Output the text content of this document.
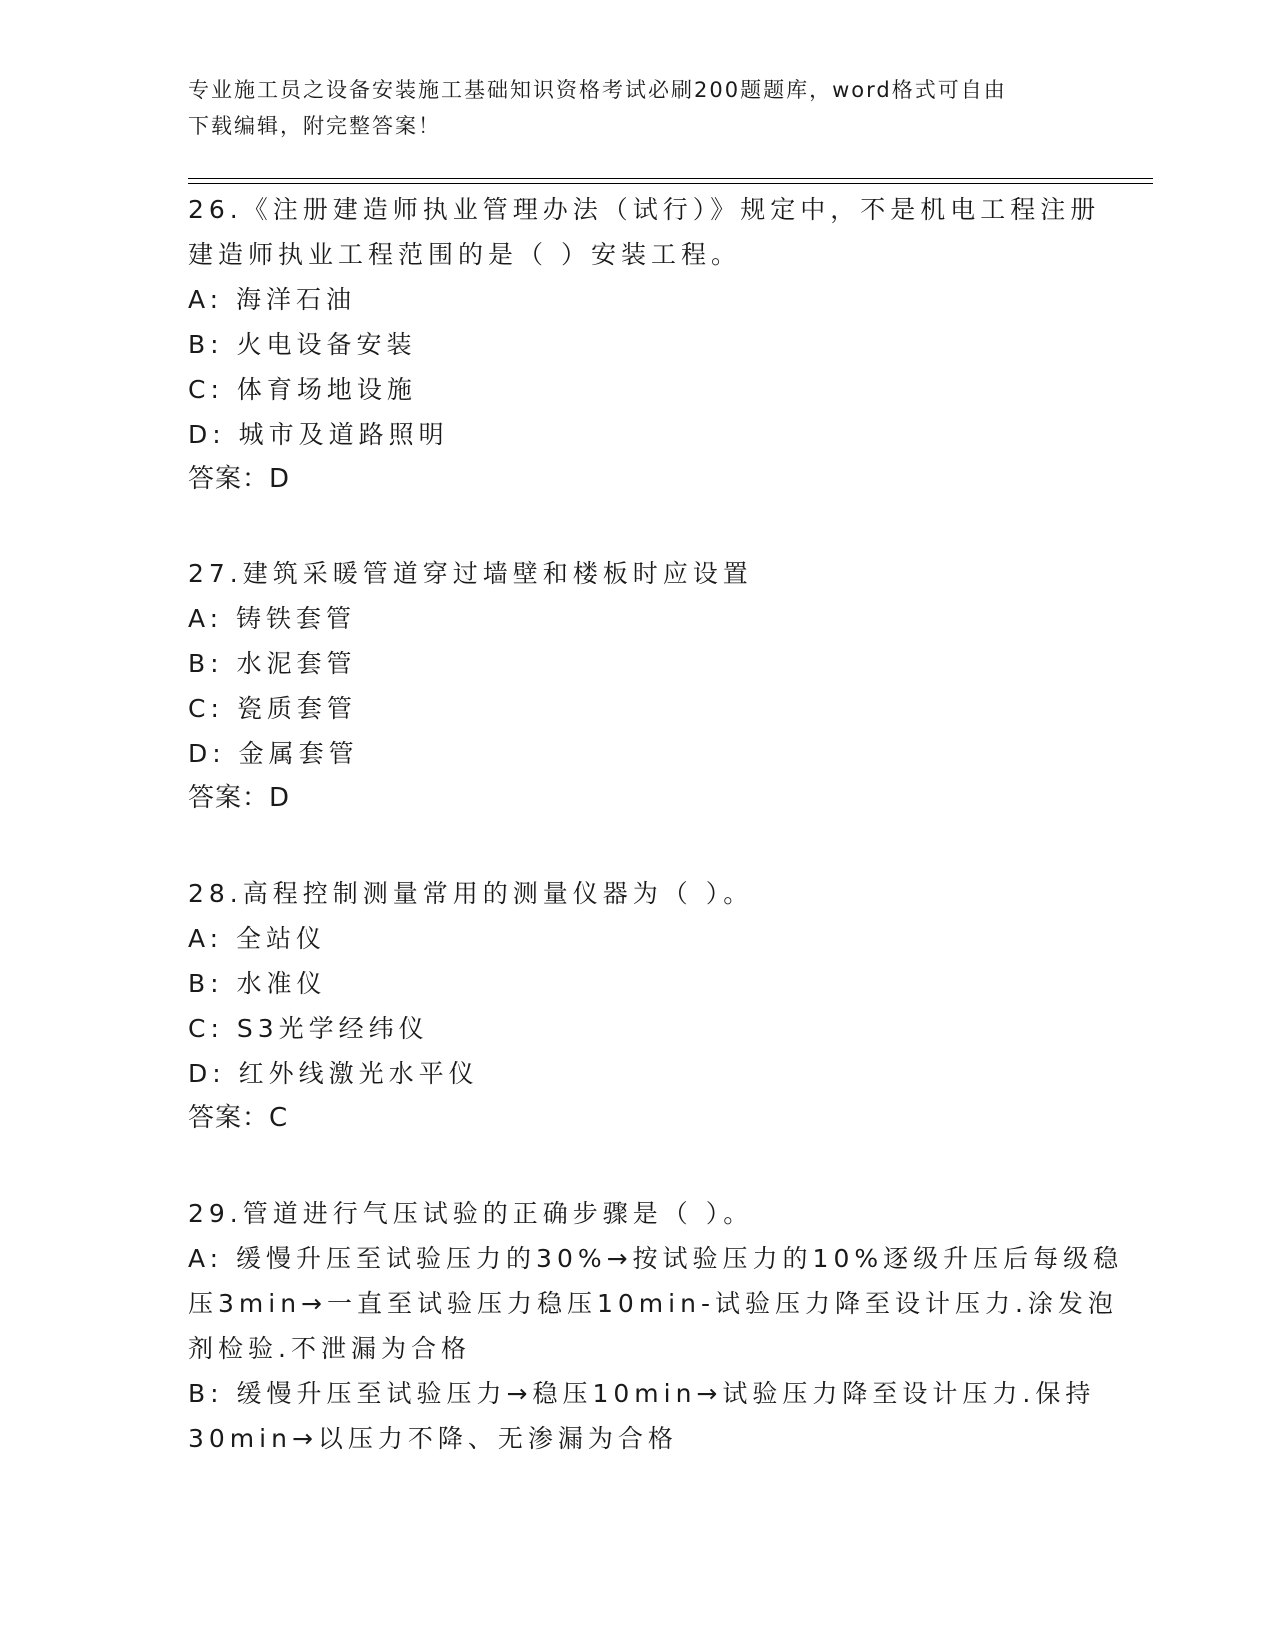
专业施工员之设备安装施工基础知识资格考试必刷200题题库，word格式可自由
下载编辑，附完整答案！
26.《注册建造师执业管理办法（试行）》规定中，不是机电工程注册
建造师执业工程范围的是（ ）安装工程。
A: 海洋石油
B: 火电设备安装
C: 体育场地设施
D: 城市及道路照明
答案：D
27.建筑采暖管道穿过墙壁和楼板时应设置
A: 铸铁套管
B: 水泥套管
C: 瓷质套管
D: 金属套管
答案：D
28.高程控制测量常用的测量仪器为（ ）。
A: 全站仪
B: 水准仪
C: S3光学经纬仪
D: 红外线激光水平仪
答案：C
29.管道进行气压试验的正确步骤是（ ）。
A: 缓慢升压至试验压力的30%→按试验压力的10%逐级升压后每级稳
压3min→一直至试验压力稳压10min-试验压力降至设计压力.涂发泡
剂检验.不泄漏为合格
B: 缓慢升压至试验压力→稳压10min→试验压力降至设计压力.保持
30min→以压力不降、无渗漏为合格
